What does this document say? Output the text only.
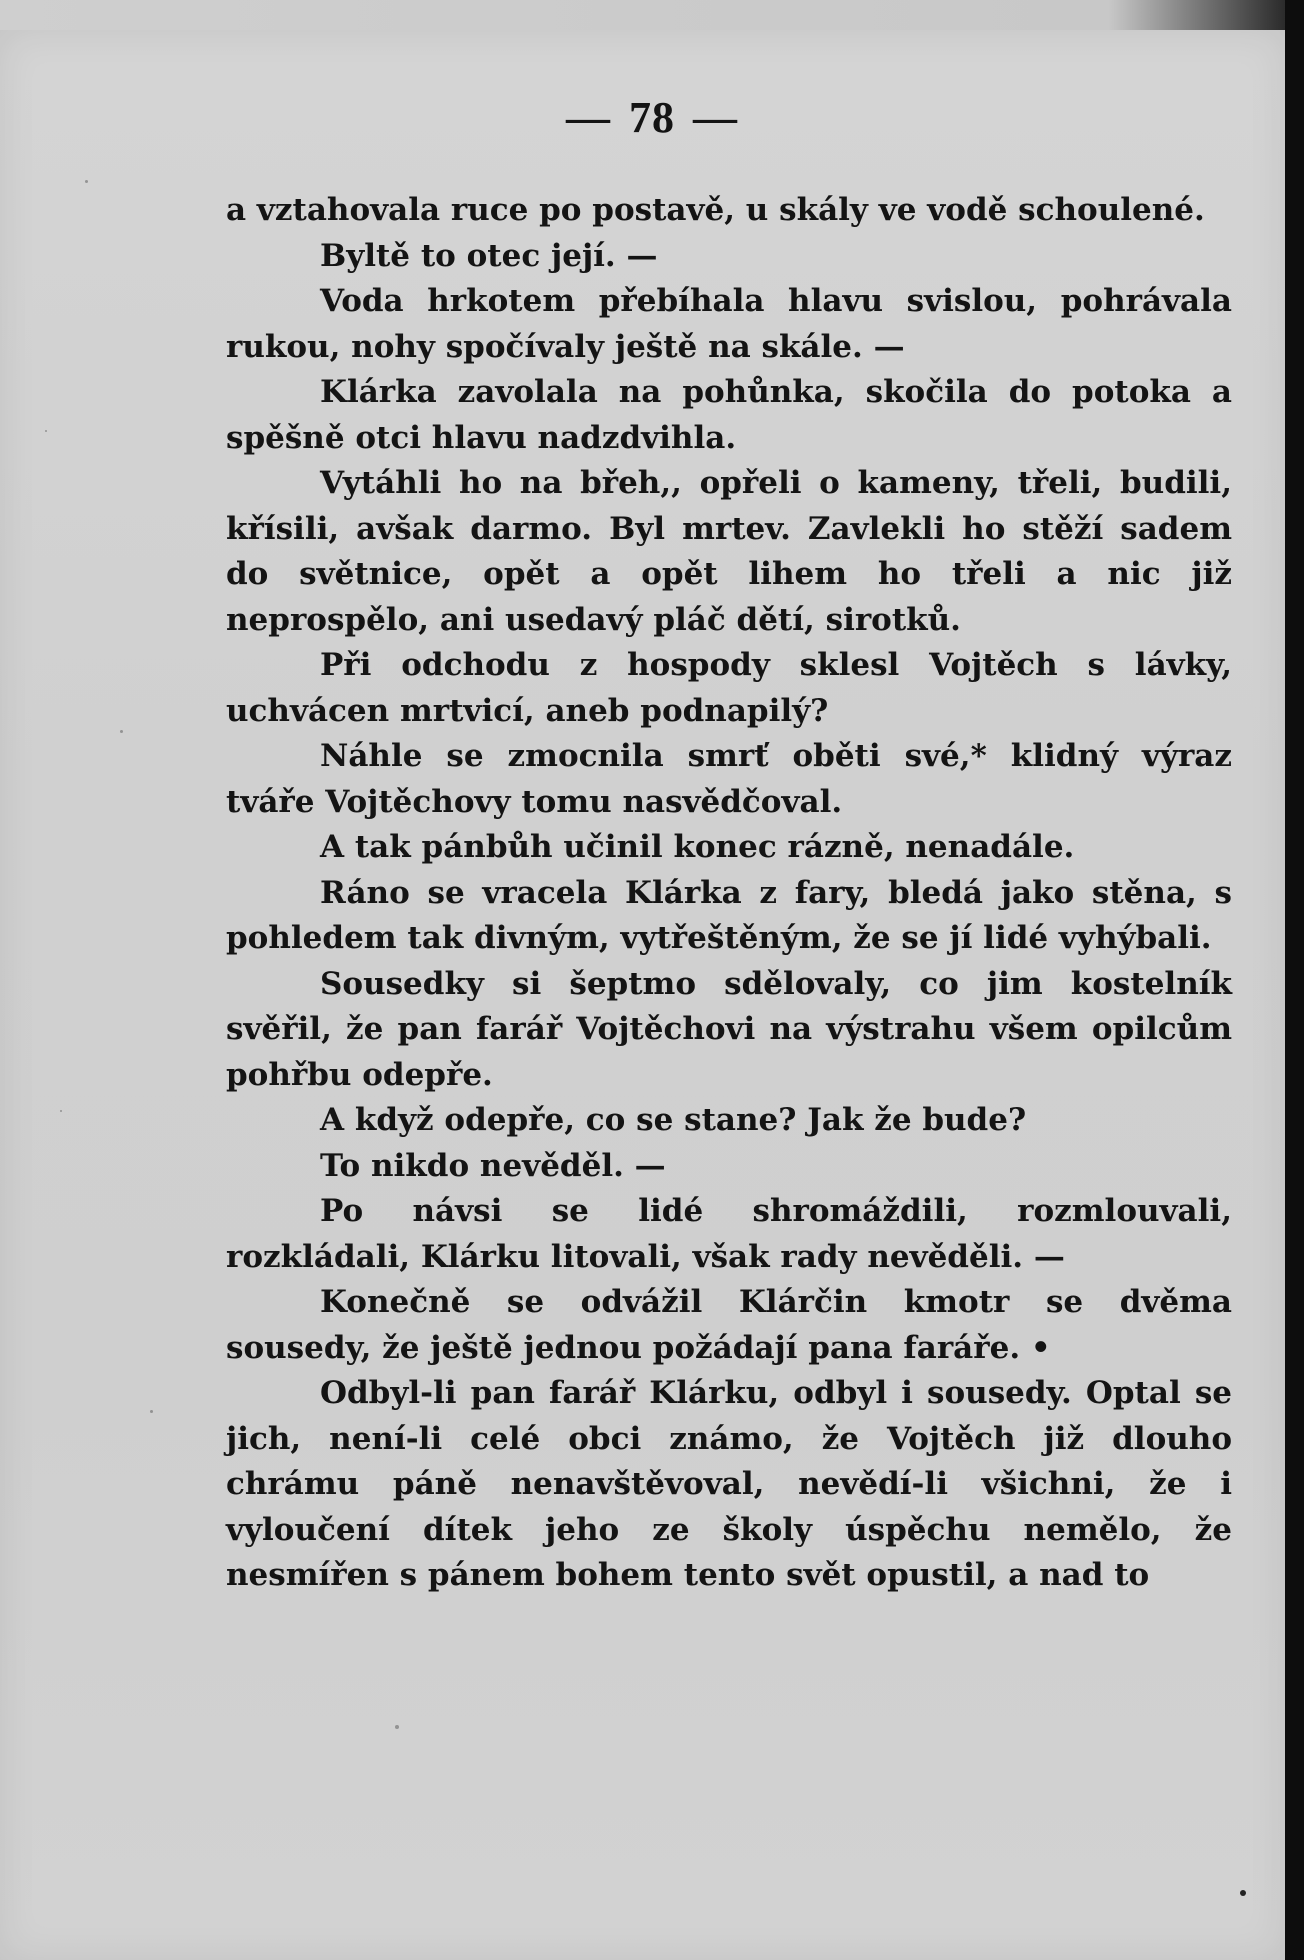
— 78 —

a vztahovala ruce po postavě, u skály ve vodě schoulené.

Byltě to otec její. —

Voda hrkotem přebíhala hlavu svislou, pohrávala rukou, nohy spočívaly ještě na skále. —

Klárka zavolala na pohůnka, skočila do potoka a spěšně otci hlavu nadzdvihla.

Vytáhli ho na břeh,, opřeli o kameny, třeli, budili, křísili, avšak darmo. Byl mrtev. Zavlekli ho stěží sadem do světnice, opět a opět lihem ho třeli a nic již neprospělo, ani usedavý pláč dětí, sirotků.

Při odchodu z hospody sklesl Vojtěch s lávky, uchvácen mrtvicí, aneb podnapilý?

Náhle se zmocnila smrť oběti své,* klidný výraz tváře Vojtěchovy tomu nasvědčoval.

A tak pánbůh učinil konec rázně, nenadále.

Ráno se vracela Klárka z fary, bledá jako stěna, s pohledem tak divným, vytřeštěným, že se jí lidé vyhýbali.

Sousedky si šeptmo sdělovaly, co jim kostelník svěřil, že pan farář Vojtěchovi na výstrahu všem opilcům pohřbu odepře.

A když odepře, co se stane? Jak že bude?

To nikdo nevěděl. —

Po návsi se lidé shromáždili, rozmlouvali, rozkládali, Klárku litovali, však rady nevěděli. —

Konečně se odvážil Klárčin kmotr se dvěma sousedy, že ještě jednou požádají pana faráře. •

Odbyl-li pan farář Klárku, odbyl i sousedy. Optal se jich, není-li celé obci známo, že Vojtěch již dlouho chrámu páně nenavštěvoval, nevědí-li všichni, že i vyloučení dítek jeho ze školy úspěchu nemělo, že nesmířen s pánem bohem tento svět opustil, a nad to
